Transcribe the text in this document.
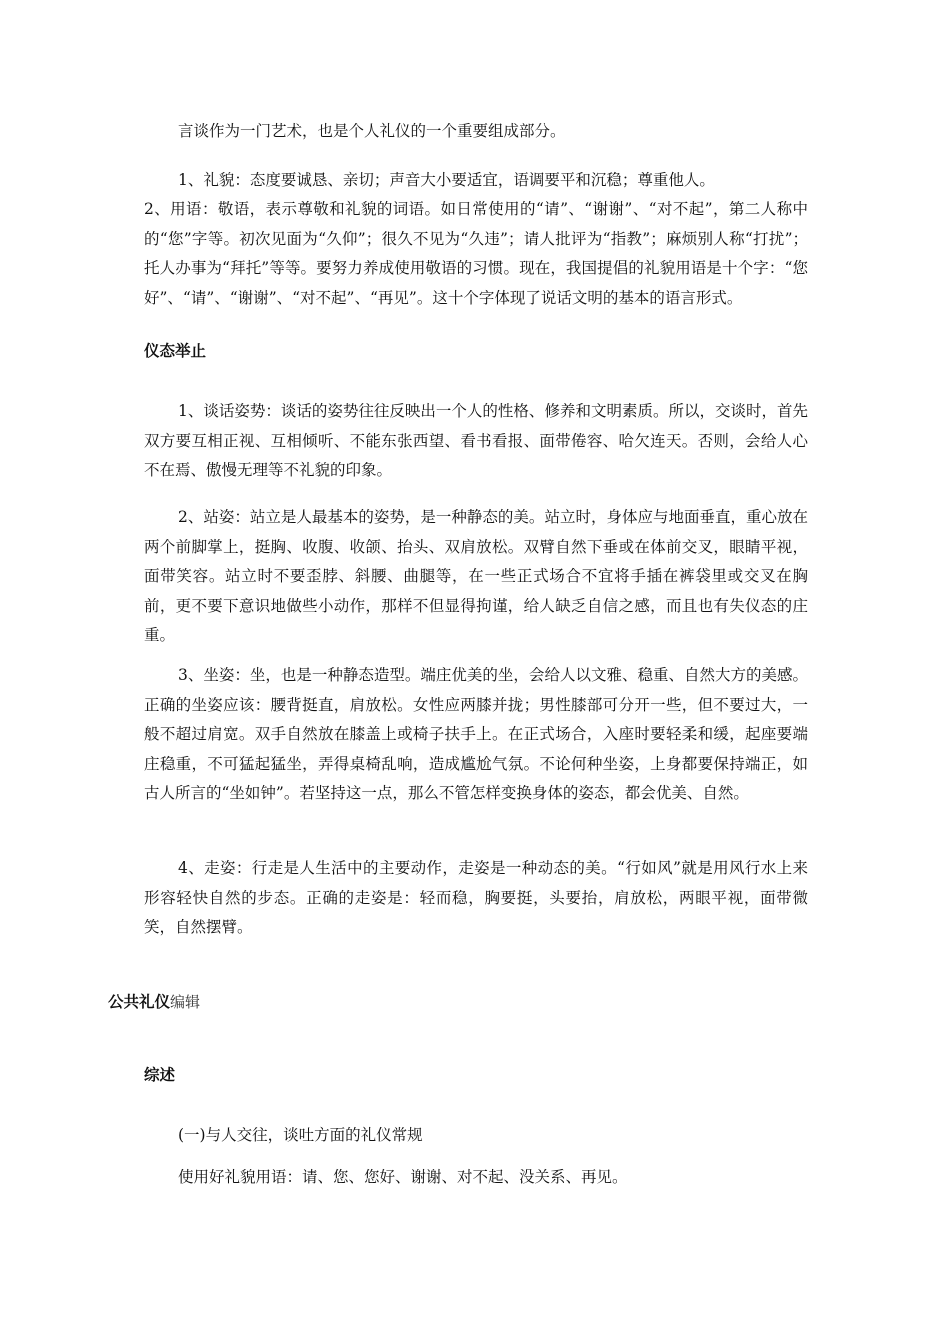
言谈作为一门艺术，也是个人礼仪的一个重要组成部分。

1、礼貌：态度要诚恳、亲切；声音大小要适宜，语调要平和沉稳；尊重他人。

2、用语：敬语，表示尊敬和礼貌的词语。如日常使用的“请”、“谢谢”、“对不起”，第二人称中的“您”字等。初次见面为“久仰”；很久不见为“久违”；请人批评为“指教”；麻烦别人称“打扰”；托人办事为“拜托”等等。要努力养成使用敬语的习惯。现在，我国提倡的礼貌用语是十个字：“您好”、“请”、“谢谢”、“对不起”、“再见”。这十个字体现了说话文明的基本的语言形式。

仪态举止

1、谈话姿势：谈话的姿势往往反映出一个人的性格、修养和文明素质。所以，交谈时，首先双方要互相正视、互相倾听、不能东张西望、看书看报、面带倦容、哈欠连天。否则，会给人心不在焉、傲慢无理等不礼貌的印象。

2、站姿：站立是人最基本的姿势，是一种静态的美。站立时，身体应与地面垂直，重心放在两个前脚掌上，挺胸、收腹、收颌、抬头、双肩放松。双臂自然下垂或在体前交叉，眼睛平视，面带笑容。站立时不要歪脖、斜腰、曲腿等，在一些正式场合不宜将手插在裤袋里或交叉在胸前，更不要下意识地做些小动作，那样不但显得拘谨，给人缺乏自信之感，而且也有失仪态的庄重。

3、坐姿：坐，也是一种静态造型。端庄优美的坐，会给人以文雅、稳重、自然大方的美感。正确的坐姿应该：腰背挺直，肩放松。女性应两膝并拢；男性膝部可分开一些，但不要过大，一般不超过肩宽。双手自然放在膝盖上或椅子扶手上。在正式场合，入座时要轻柔和缓，起座要端庄稳重，不可猛起猛坐，弄得桌椅乱响，造成尴尬气氛。不论何种坐姿，上身都要保持端正，如古人所言的“坐如钟”。若坚持这一点，那么不管怎样变换身体的姿态，都会优美、自然。

4、走姿：行走是人生活中的主要动作，走姿是一种动态的美。“行如风”就是用风行水上来形容轻快自然的步态。正确的走姿是：轻而稳，胸要挺，头要抬，肩放松，两眼平视，面带微笑，自然摆臂。

公共礼仪编辑
综述

(一)与人交往，谈吐方面的礼仪常规

使用好礼貌用语：请、您、您好、谢谢、对不起、没关系、再见。
